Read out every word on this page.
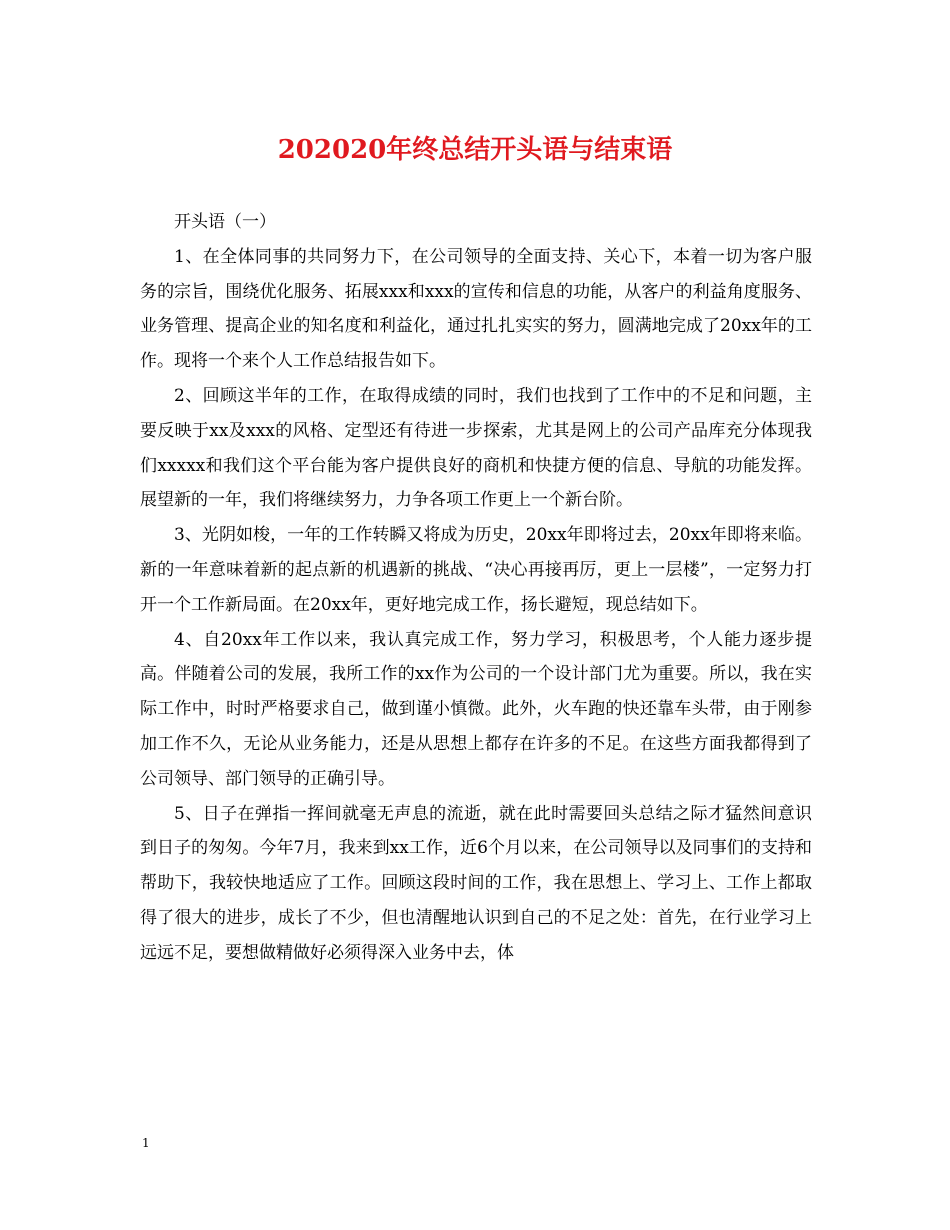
202020年终总结开头语与结束语

开头语（一）

1、在全体同事的共同努力下，在公司领导的全面支持、关心下，本着一切为客户服务的宗旨，围绕优化服务、拓展xxx和xxx的宣传和信息的功能，从客户的利益角度服务、业务管理、提高企业的知名度和利益化，通过扎扎实实的努力，圆满地完成了20xx年的工作。现将一个来个人工作总结报告如下。

2、回顾这半年的工作，在取得成绩的同时，我们也找到了工作中的不足和问题，主要反映于xx及xxx的风格、定型还有待进一步探索，尤其是网上的公司产品库充分体现我们xxxxx和我们这个平台能为客户提供良好的商机和快捷方便的信息、导航的功能发挥。展望新的一年，我们将继续努力，力争各项工作更上一个新台阶。

3、光阴如梭，一年的工作转瞬又将成为历史，20xx年即将过去，20xx年即将来临。新的一年意味着新的起点新的机遇新的挑战、“决心再接再厉，更上一层楼”，一定努力打开一个工作新局面。在20xx年，更好地完成工作，扬长避短，现总结如下。

4、自20xx年工作以来，我认真完成工作，努力学习，积极思考，个人能力逐步提高。伴随着公司的发展，我所工作的xx作为公司的一个设计部门尤为重要。所以，我在实际工作中，时时严格要求自己，做到谨小慎微。此外，火车跑的快还靠车头带，由于刚参加工作不久，无论从业务能力，还是从思想上都存在许多的不足。在这些方面我都得到了公司领导、部门领导的正确引导。

5、日子在弹指一挥间就毫无声息的流逝，就在此时需要回头总结之际才猛然间意识到日子的匆匆。今年7月，我来到xx工作，近6个月以来，在公司领导以及同事们的支持和帮助下，我较快地适应了工作。回顾这段时间的工作，我在思想上、学习上、工作上都取得了很大的进步，成长了不少，但也清醒地认识到自己的不足之处：首先，在行业学习上远远不足，要想做精做好必须得深入业务中去，体

1
